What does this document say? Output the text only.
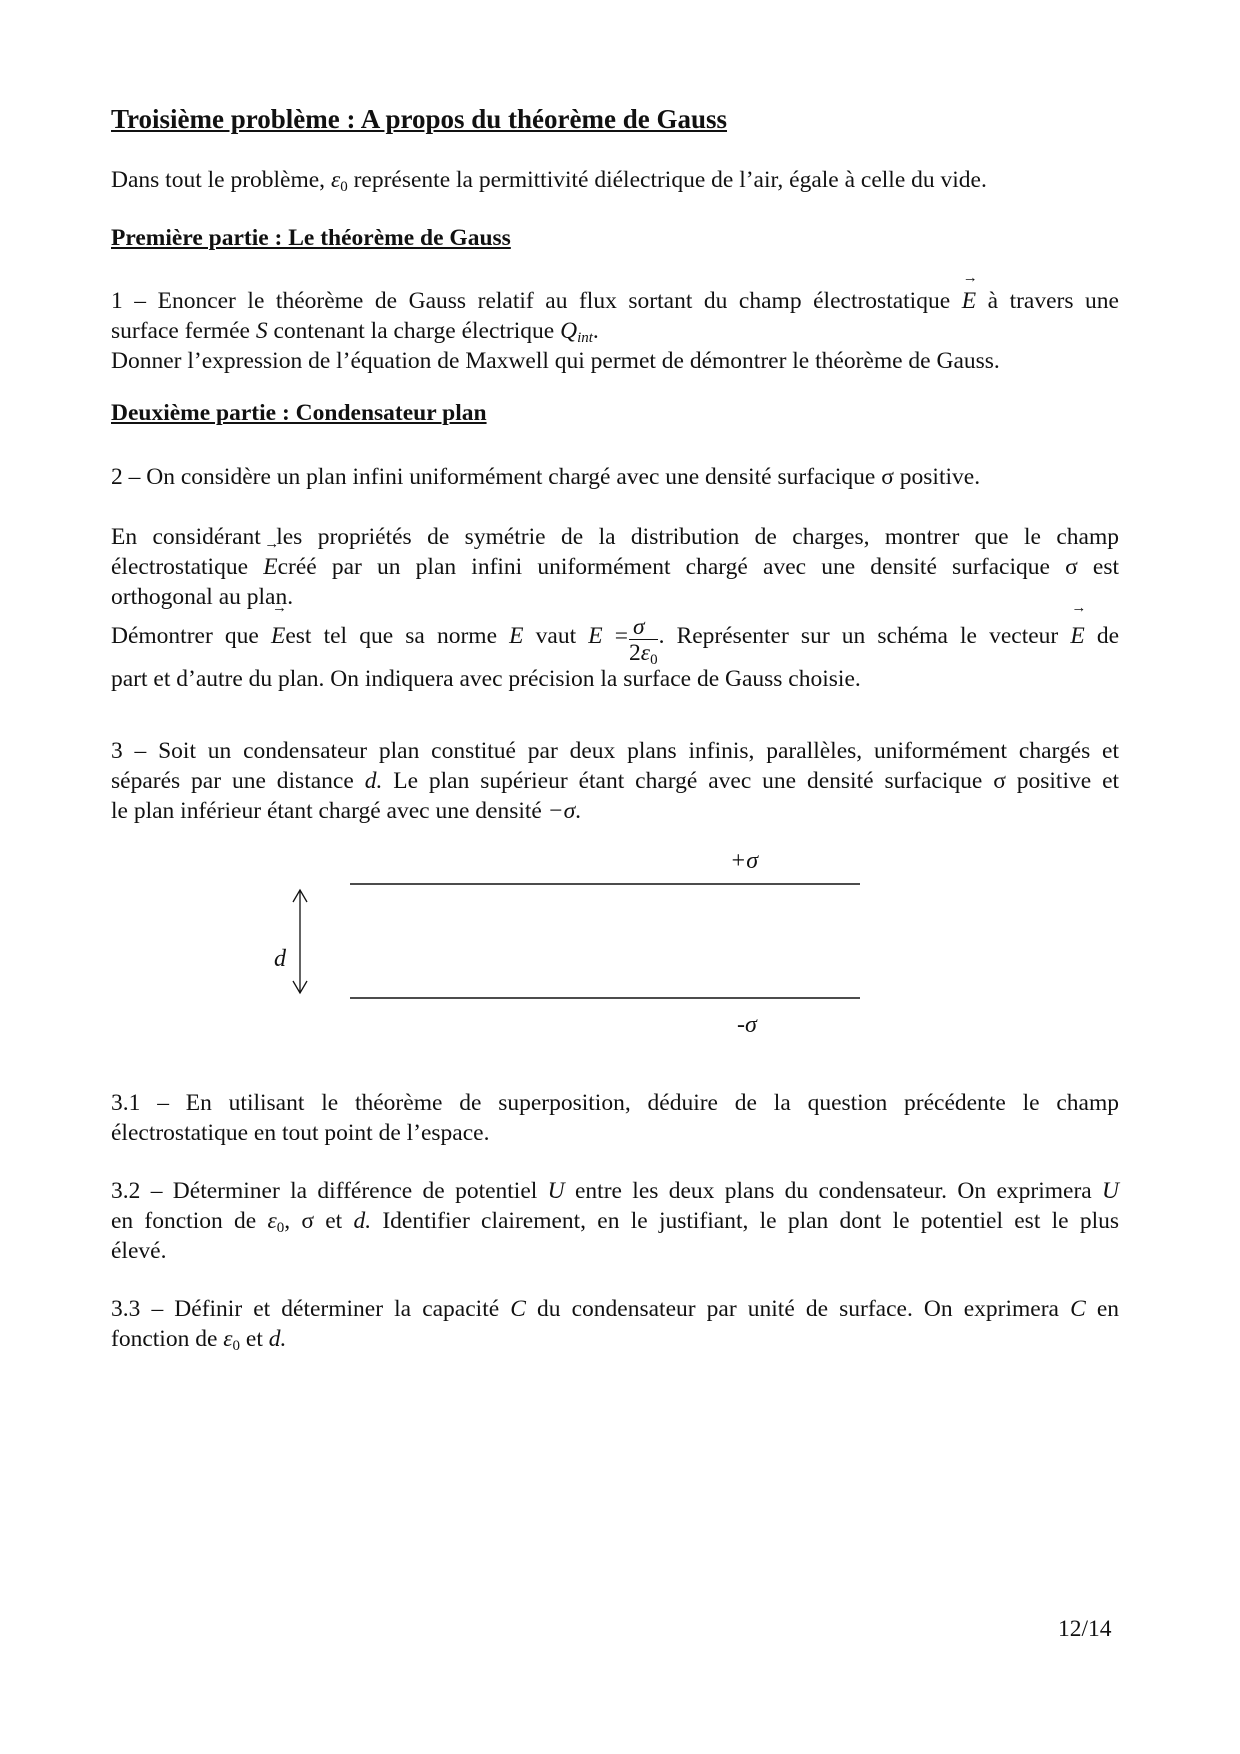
Troisième problème : A propos du théorème de Gauss

Dans tout le problème, $\varepsilon_0$ représente la permittivité diélectrique de l’air, égale à celle du vide.

Première partie : Le théorème de Gauss

1 – Enoncer le théorème de Gauss relatif au flux sortant du champ électrostatique → E à travers une
surface fermée S contenant la charge électrique $Q_{int}$.
Donner l’expression de l’équation de Maxwell qui permet de démontrer le théorème de Gauss.

Deuxième partie : Condensateur plan

2 – On considère un plan infini uniformément chargé avec une densité surfacique σ positive.

En considérant les propriétés de symétrie de la distribution de charges, montrer que le champ
électrostatique → Ecréé par un plan infini uniformément chargé avec une densité surfacique σ est
orthogonal au plan.
Démontrer que → Eest tel que sa norme E vaut $E = \frac{\sigma}{2\varepsilon_0}$ . Représenter sur un schéma le vecteur → E de
part et d’autre du plan. On indiquera avec précision la surface de Gauss choisie.

3 – Soit un condensateur plan constitué par deux plans infinis, parallèles, uniformément chargés et
séparés par une distance d. Le plan supérieur étant chargé avec une densité surfacique σ positive et
le plan inférieur étant chargé avec une densité −σ.

+σ
-σ
d

3.1 – En utilisant le théorème de superposition, déduire de la question précédente le champ
électrostatique en tout point de l’espace.

3.2 – Déterminer la différence de potentiel U entre les deux plans du condensateur. On exprimera U
en fonction de $\varepsilon_0$, σ et d. Identifier clairement, en le justifiant, le plan dont le potentiel est le plus
élevé.

3.3 – Définir et déterminer la capacité C du condensateur par unité de surface. On exprimera C en
fonction de $\varepsilon_0$ et d.

12/14
